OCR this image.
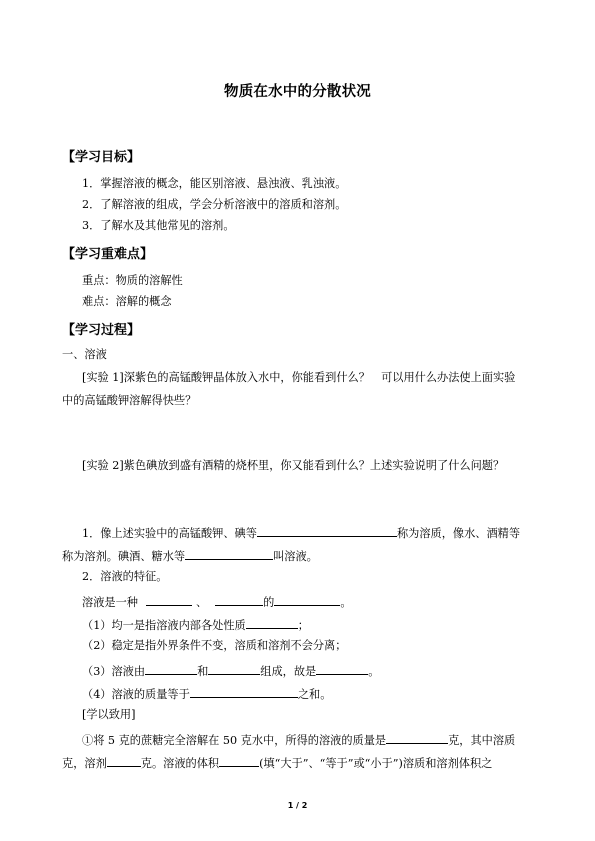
物质在水中的分散状况
【学习目标】
1．掌握溶液的概念，能区别溶液、悬浊液、乳浊液。
2．了解溶液的组成，学会分析溶液中的溶质和溶剂。
3．了解水及其他常见的溶剂。
【学习重难点】
重点：物质的溶解性
难点：溶解的概念
【学习过程】
一、溶液
[实验 1]深紫色的高锰酸钾晶体放入水中，你能看到什么？　可以用什么办法使上面实验
中的高锰酸钾溶解得快些？
[实验 2]紫色碘放到盛有酒精的烧杯里，你又能看到什么？上述实验说明了什么问题？
1．像上述实验中的高锰酸钾、碘等	称为溶质，像水、酒精等
称为溶剂。碘酒、糖水等	叫溶液。
2．溶液的特征。
溶液是一种	、	的	。
（1）均一是指溶液内部各处性质	；
（2）稳定是指外界条件不变，溶质和溶剂不会分离；
（3）溶液由	和	组成，故是	。
（4）溶液的质量等于	之和。
[学以致用]
①将 5 克的蔗糖完全溶解在 50 克水中，所得的溶液的质量是	克，其中溶质
克，溶剂	克。溶液的体积	(填“大于”、“等于”或“小于”)溶质和溶剂体积之
1 / 2
